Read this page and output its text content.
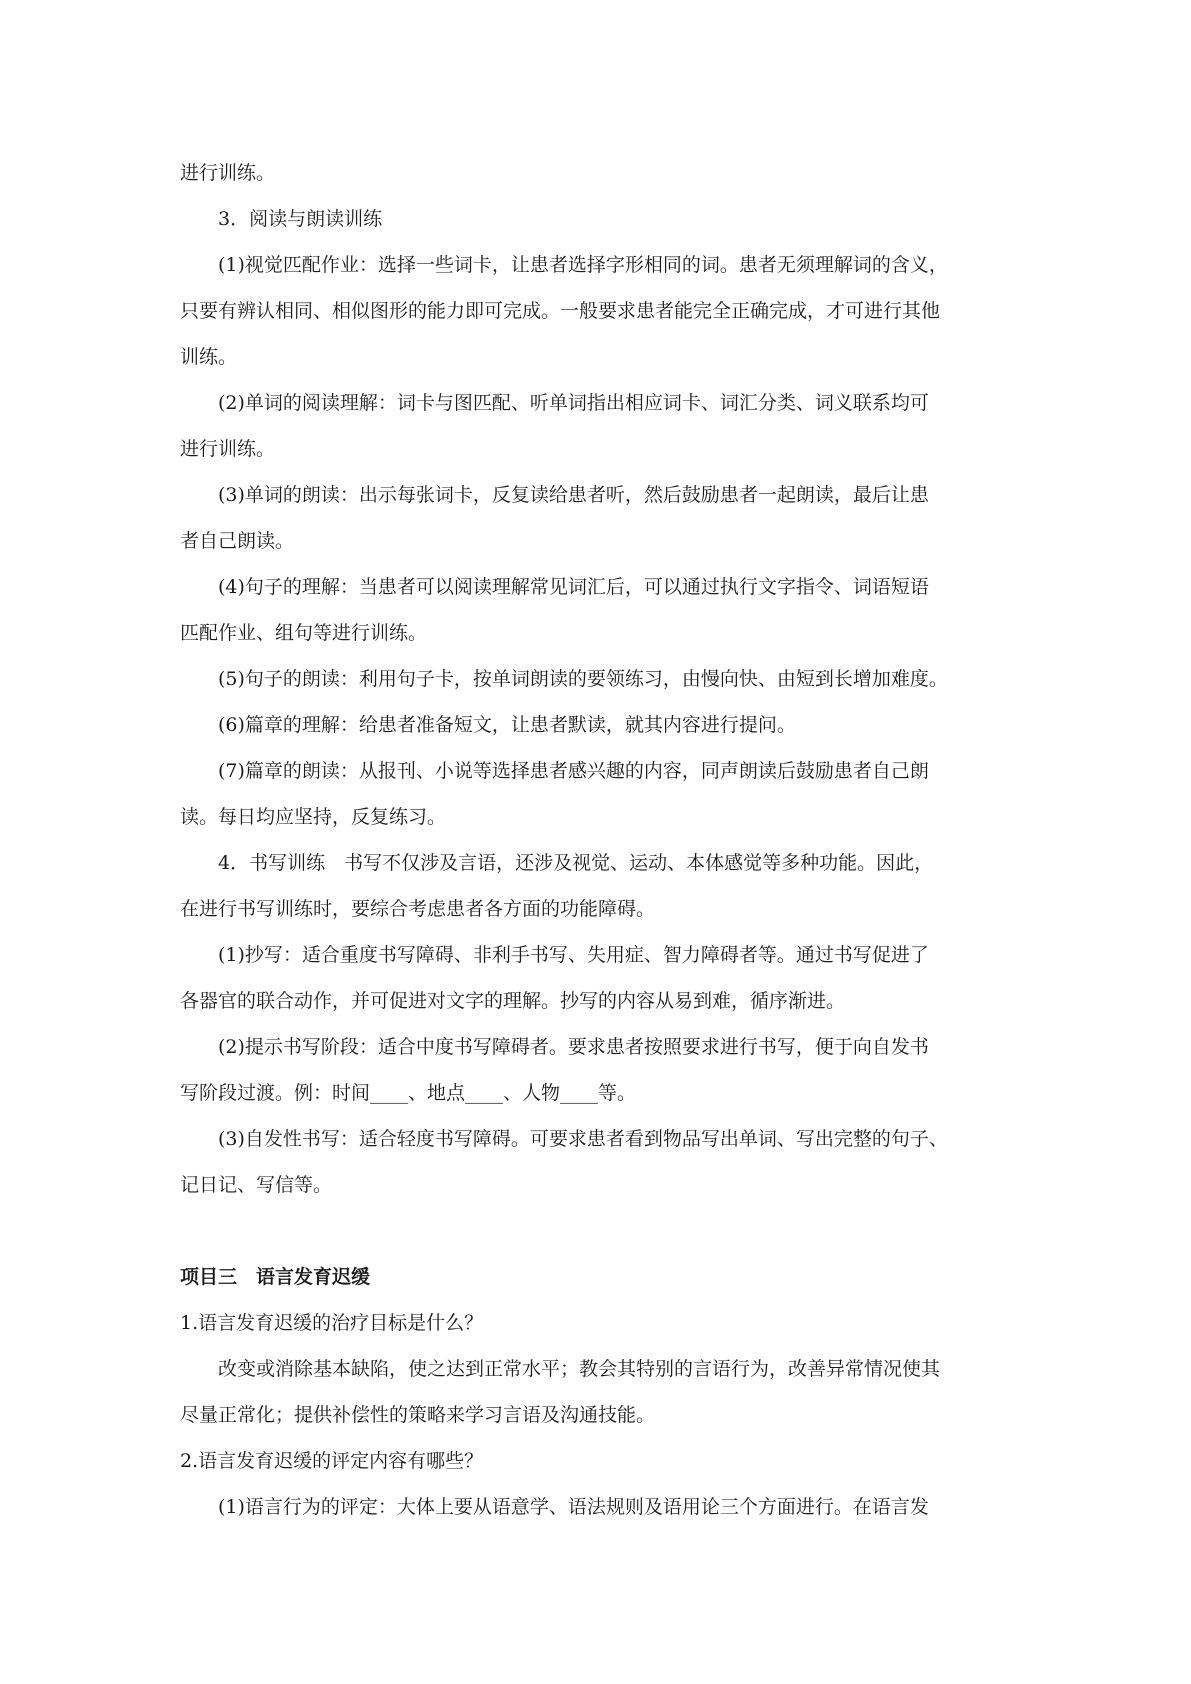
进行训练。
3．阅读与朗读训练
(1)视觉匹配作业：选择一些词卡，让患者选择字形相同的词。患者无须理解词的含义，
只要有辨认相同、相似图形的能力即可完成。一般要求患者能完全正确完成，才可进行其他
训练。
(2)单词的阅读理解：词卡与图匹配、听单词指出相应词卡、词汇分类、词义联系均可
进行训练。
(3)单词的朗读：出示每张词卡，反复读给患者听，然后鼓励患者一起朗读，最后让患
者自己朗读。
(4)句子的理解：当患者可以阅读理解常见词汇后，可以通过执行文字指令、词语短语
匹配作业、组句等进行训练。
(5)句子的朗读：利用句子卡，按单词朗读的要领练习，由慢向快、由短到长增加难度。
(6)篇章的理解：给患者准备短文，让患者默读，就其内容进行提问。
(7)篇章的朗读：从报刊、小说等选择患者感兴趣的内容，同声朗读后鼓励患者自己朗
读。每日均应坚持，反复练习。
4．书写训练　书写不仅涉及言语，还涉及视觉、运动、本体感觉等多种功能。因此，
在进行书写训练时，要综合考虑患者各方面的功能障碍。
(1)抄写：适合重度书写障碍、非利手书写、失用症、智力障碍者等。通过书写促进了
各器官的联合动作，并可促进对文字的理解。抄写的内容从易到难，循序渐进。
(2)提示书写阶段：适合中度书写障碍者。要求患者按照要求进行书写，便于向自发书
写阶段过渡。例：时间____、地点____、人物____等。
(3)自发性书写：适合轻度书写障碍。可要求患者看到物品写出单词、写出完整的句子、
记日记、写信等。
项目三　语言发育迟缓
1.语言发育迟缓的治疗目标是什么？
改变或消除基本缺陷，使之达到正常水平；教会其特别的言语行为，改善异常情况使其
尽量正常化；提供补偿性的策略来学习言语及沟通技能。
2.语言发育迟缓的评定内容有哪些？
(1)语言行为的评定：大体上要从语意学、语法规则及语用论三个方面进行。在语言发
